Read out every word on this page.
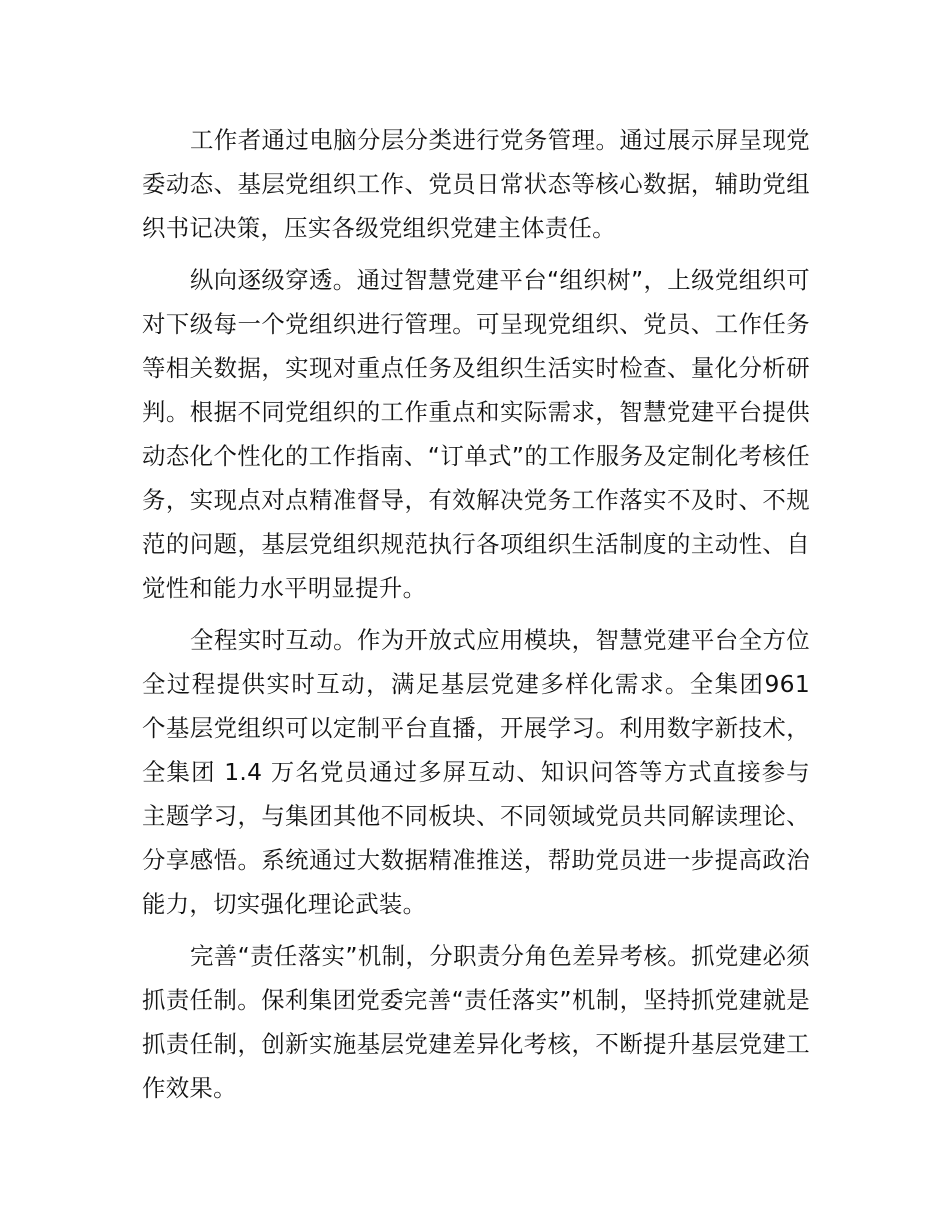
工作者通过电脑分层分类进行党务管理。通过展示屏呈现党委动态、基层党组织工作、党员日常状态等核心数据，辅助党组织书记决策，压实各级党组织党建主体责任。

纵向逐级穿透。通过智慧党建平台“组织树”，上级党组织可对下级每一个党组织进行管理。可呈现党组织、党员、工作任务等相关数据，实现对重点任务及组织生活实时检查、量化分析研判。根据不同党组织的工作重点和实际需求，智慧党建平台提供动态化个性化的工作指南、“订单式”的工作服务及定制化考核任务，实现点对点精准督导，有效解决党务工作落实不及时、不规范的问题，基层党组织规范执行各项组织生活制度的主动性、自觉性和能力水平明显提升。

全程实时互动。作为开放式应用模块，智慧党建平台全方位全过程提供实时互动，满足基层党建多样化需求。全集团961 个基层党组织可以定制平台直播，开展学习。利用数字新技术，全集团 1.4 万名党员通过多屏互动、知识问答等方式直接参与主题学习，与集团其他不同板块、不同领域党员共同解读理论、分享感悟。系统通过大数据精准推送，帮助党员进一步提高政治能力，切实强化理论武装。

完善“责任落实”机制，分职责分角色差异考核。抓党建必须抓责任制。保利集团党委完善“责任落实”机制，坚持抓党建就是抓责任制，创新实施基层党建差异化考核，不断提升基层党建工作效果。
